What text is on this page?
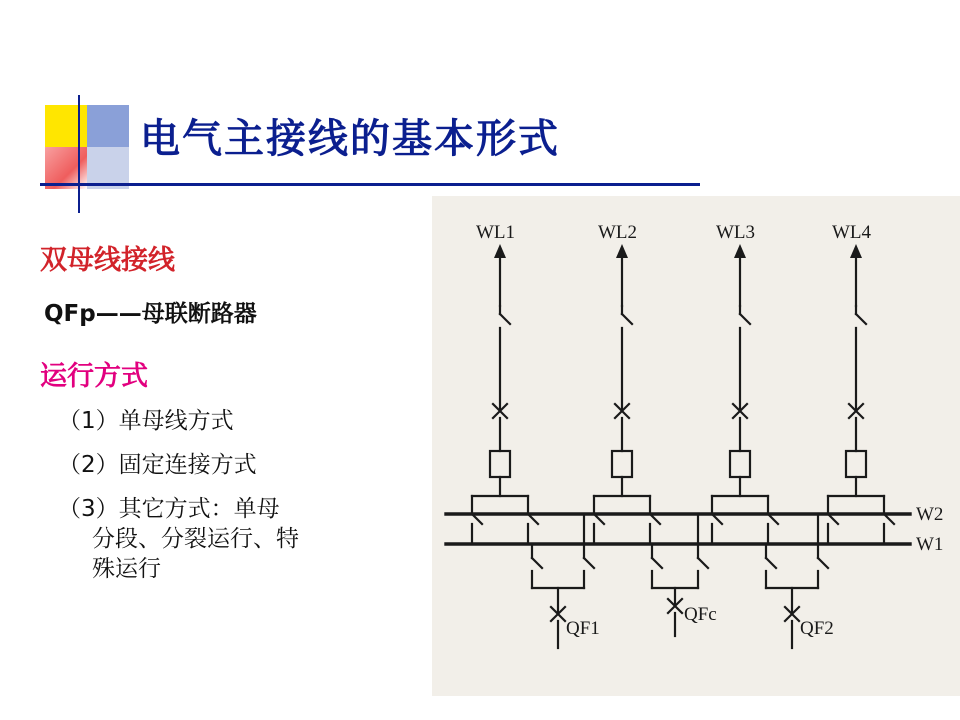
电气主接线的基本形式

双母线接线

QFp——母联断路器

运行方式

（1）单母线方式

（2）固定连接方式

（3）其它方式：单母
分段、分裂运行、特
殊运行

WL1	WL2	WL3	WL4
W2
W1
QF1
QFc
QF2
